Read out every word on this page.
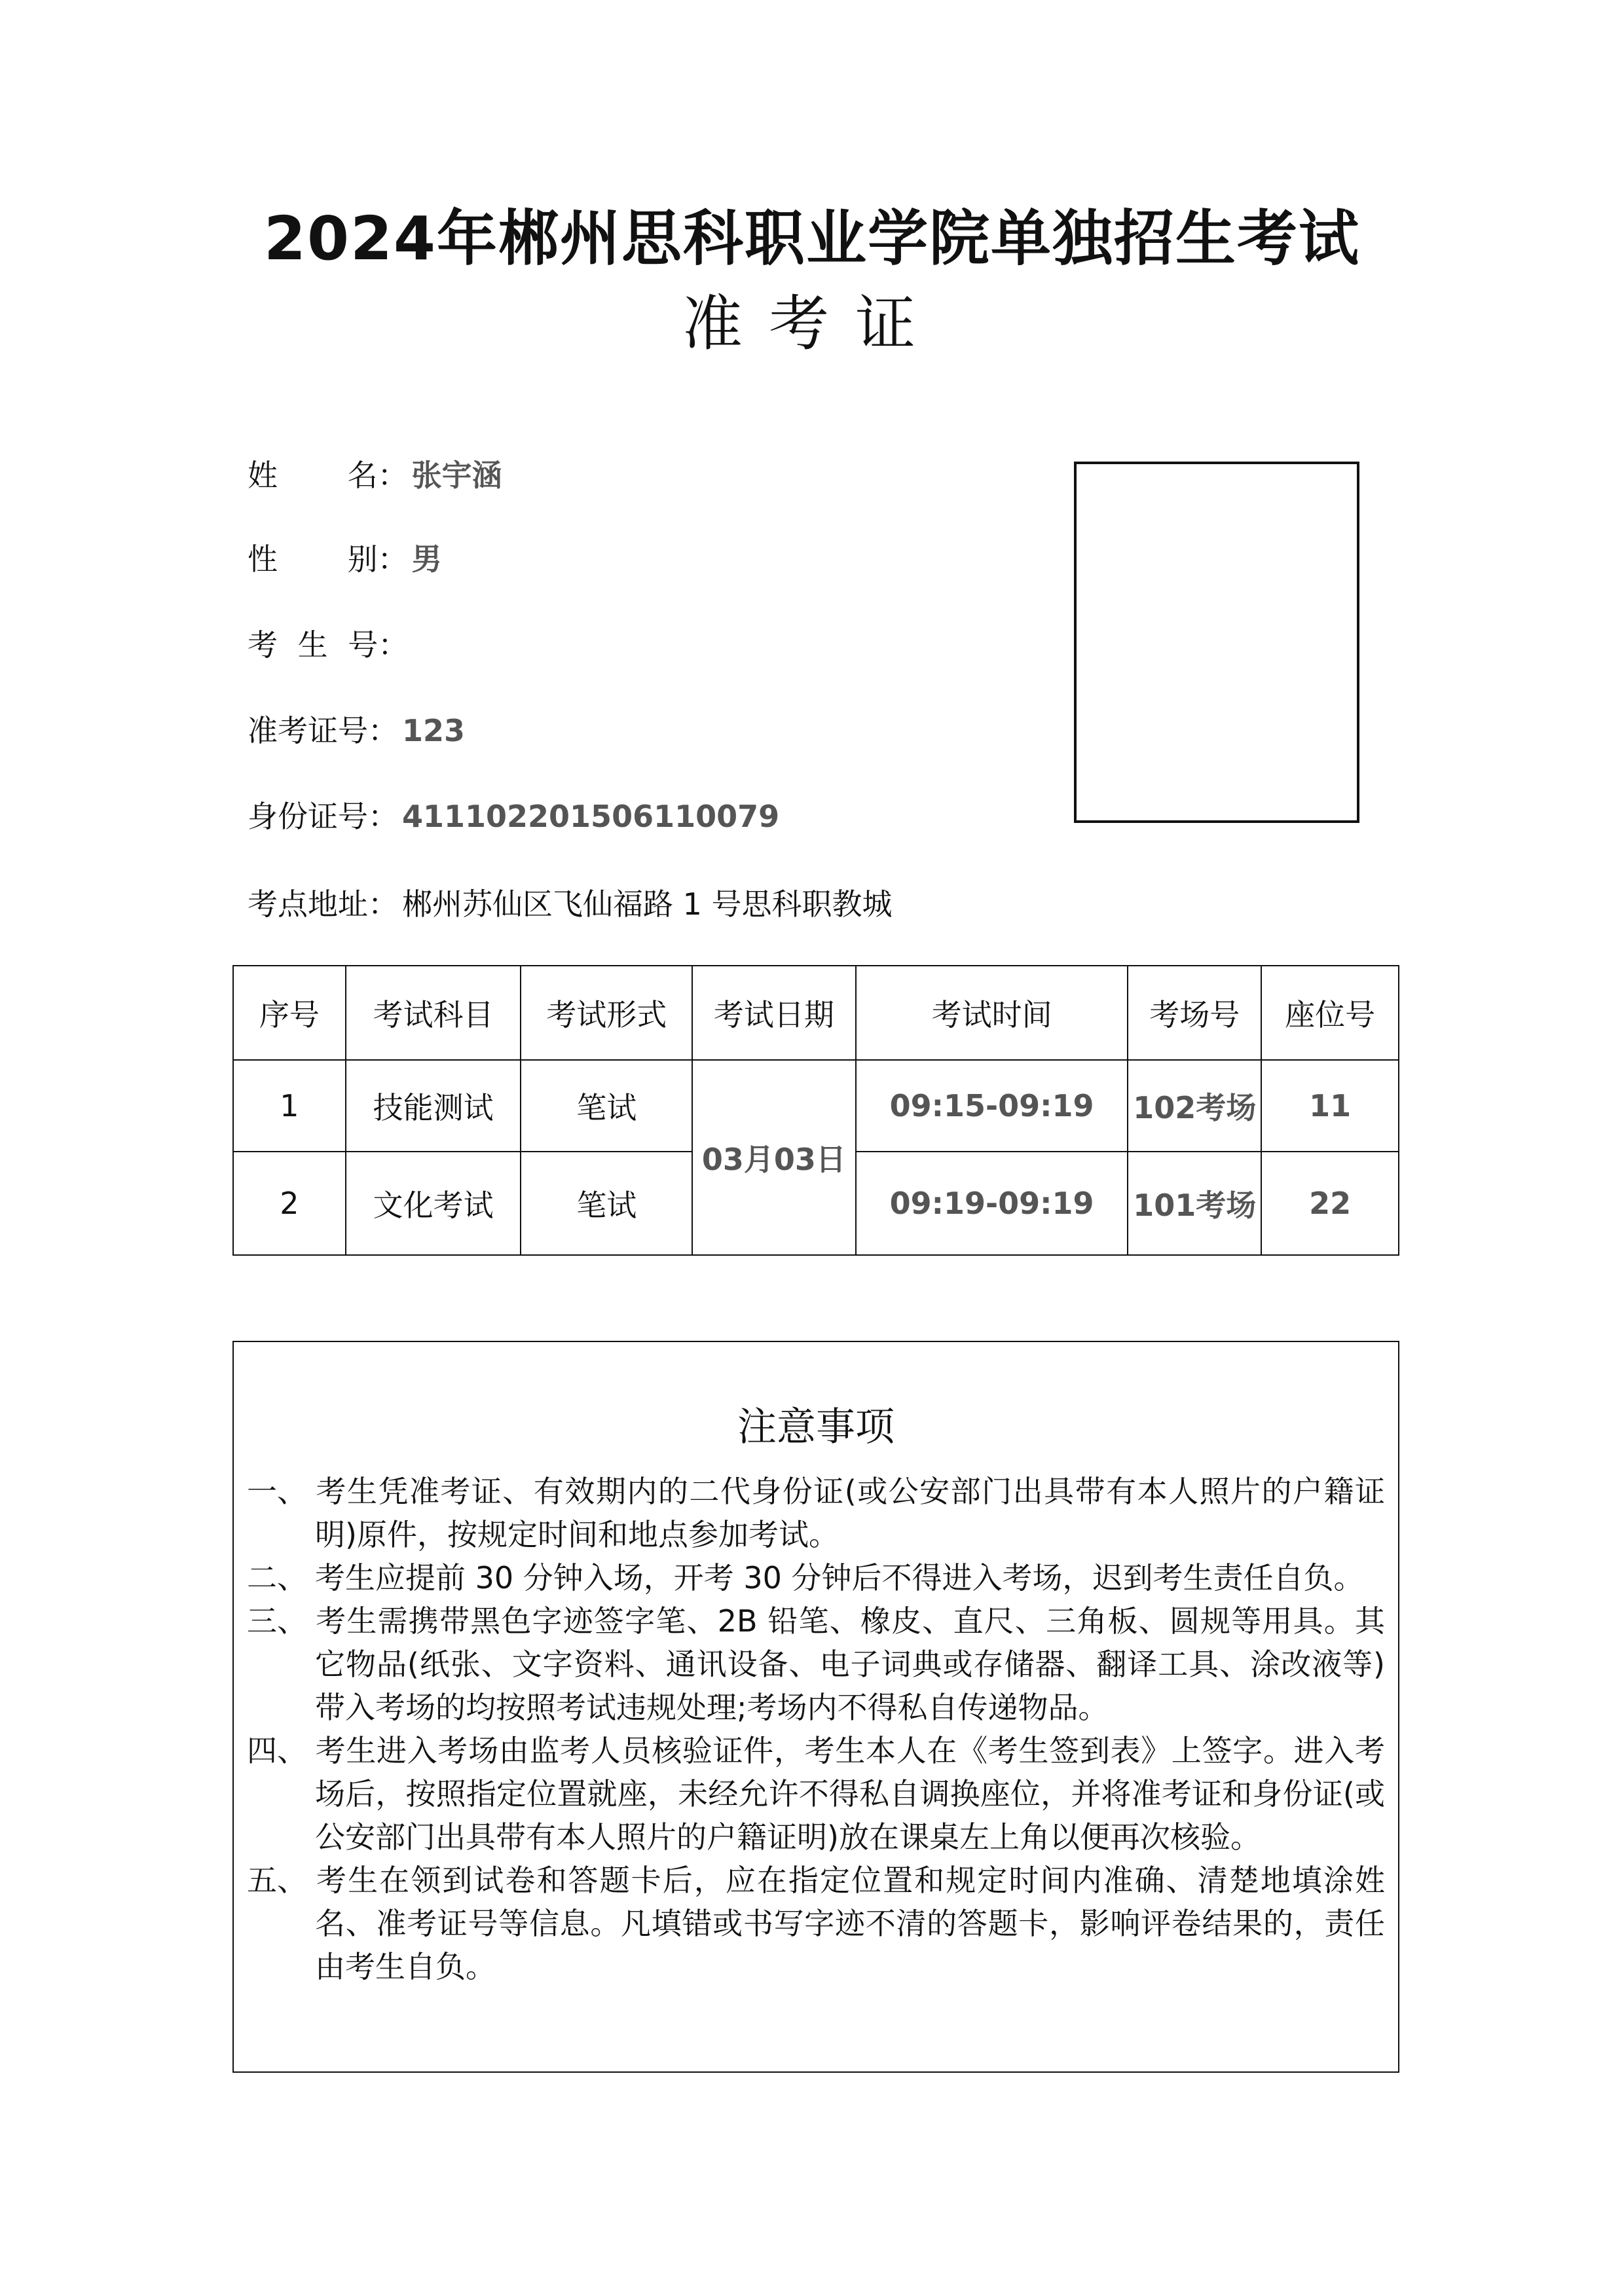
2024年郴州思科职业学院单独招生考试
准考证
姓 名： 张宇涵
性 别： 男
考 生 号：
准考证号： 123
身份证号： 411102201506110079
考点地址： 郴州苏仙区飞仙福路 1 号思科职教城
序号	考试科目	考试形式	考试日期	考试时间	考场号	座位号
1	技能测试	笔试	03月03日	09:15-09:19	102考场	11
2	文化考试	笔试		09:19-09:19	101考场	22
注意事项
一、 考生凭准考证、有效期内的二代身份证(或公安部门出具带有本人照片的户籍证明)原件，按规定时间和地点参加考试。
二、 考生应提前 30 分钟入场，开考 30 分钟后不得进入考场，迟到考生责任自负。
三、 考生需携带黑色字迹签字笔、2B 铅笔、橡皮、直尺、三角板、圆规等用具。其它物品(纸张、文字资料、通讯设备、电子词典或存储器、翻译工具、涂改液等)带入考场的均按照考试违规处理;考场内不得私自传递物品。
四、 考生进入考场由监考人员核验证件，考生本人在《考生签到表》上签字。进入考场后，按照指定位置就座，未经允许不得私自调换座位，并将准考证和身份证(或公安部门出具带有本人照片的户籍证明)放在课桌左上角以便再次核验。
五、 考生在领到试卷和答题卡后，应在指定位置和规定时间内准确、清楚地填涂姓名、准考证号等信息。凡填错或书写字迹不清的答题卡，影响评卷结果的，责任由考生自负。
